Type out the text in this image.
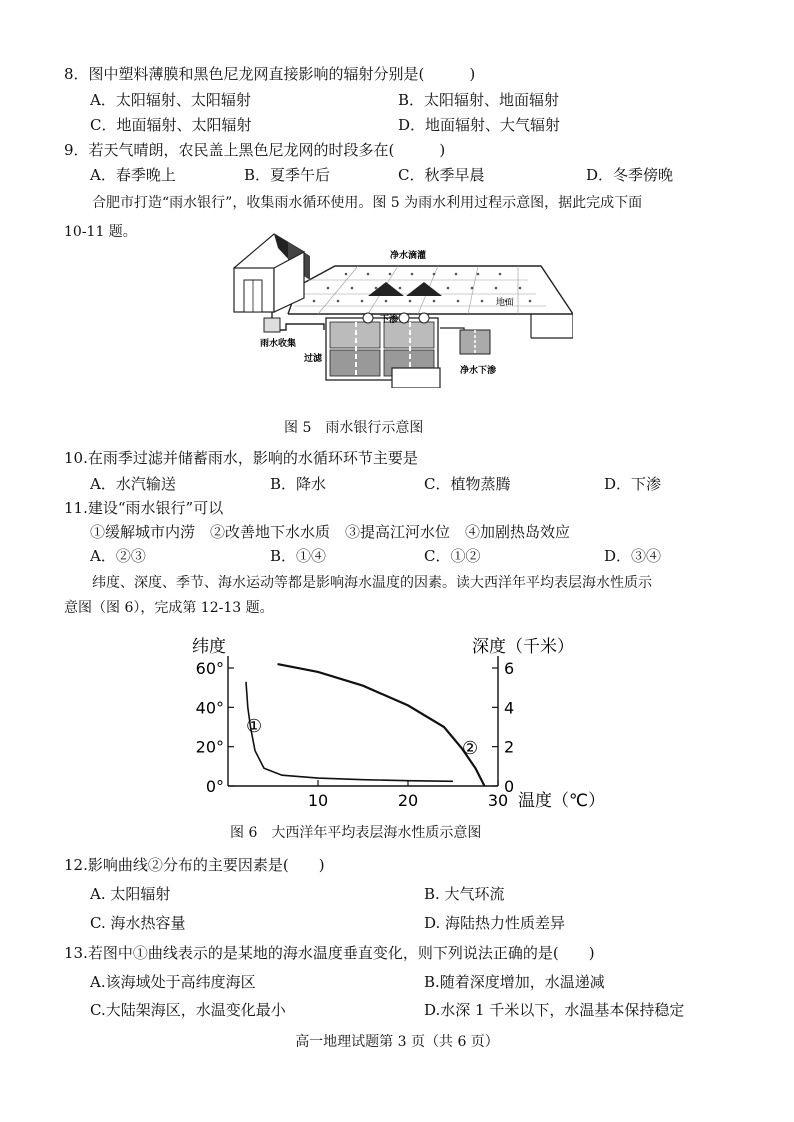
8．图中塑料薄膜和黑色尼龙网直接影响的辐射分别是(　　　)
A．太阳辐射、太阳辐射	B．太阳辐射、地面辐射
C．地面辐射、太阳辐射	D．地面辐射、大气辐射
9．若天气晴朗，农民盖上黑色尼龙网的时段多在(　　　)
A．春季晚上	B．夏季午后	C．秋季早晨	D．冬季傍晚
合肥市打造“雨水银行”，收集雨水循环使用。图 5 为雨水利用过程示意图，据此完成下面
10-11 题。
净水滴灌
地面
下渗
雨水收集
过滤
净水下渗
图 5　雨水银行示意图
10.在雨季过滤并储蓄雨水，影响的水循环环节主要是
A．水汽输送	B．降水	C．植物蒸腾	D．下渗
11.建设“雨水银行”可以
①缓解城市内涝　②改善地下水水质　③提高江河水位　④加剧热岛效应
A．②③	B．①④	C．①②	D．③④
纬度、深度、季节、海水运动等都是影响海水温度的因素。读大西洋年平均表层海水性质示
意图（图 6），完成第 12-13 题。
纬度	深度（千米）
温度（℃）
0°
20°
40°
60°
0
2
4
6
10	20	30
①
②
图 6　大西洋年平均表层海水性质示意图
12.影响曲线②分布的主要因素是(　　)
A. 太阳辐射	B. 大气环流
C. 海水热容量	D. 海陆热力性质差异
13.若图中①曲线表示的是某地的海水温度垂直变化，则下列说法正确的是(　　)
A.该海域处于高纬度海区	B.随着深度增加，水温递减
C.大陆架海区，水温变化最小	D.水深 1 千米以下，水温基本保持稳定
高一地理试题第 3 页（共 6 页）
